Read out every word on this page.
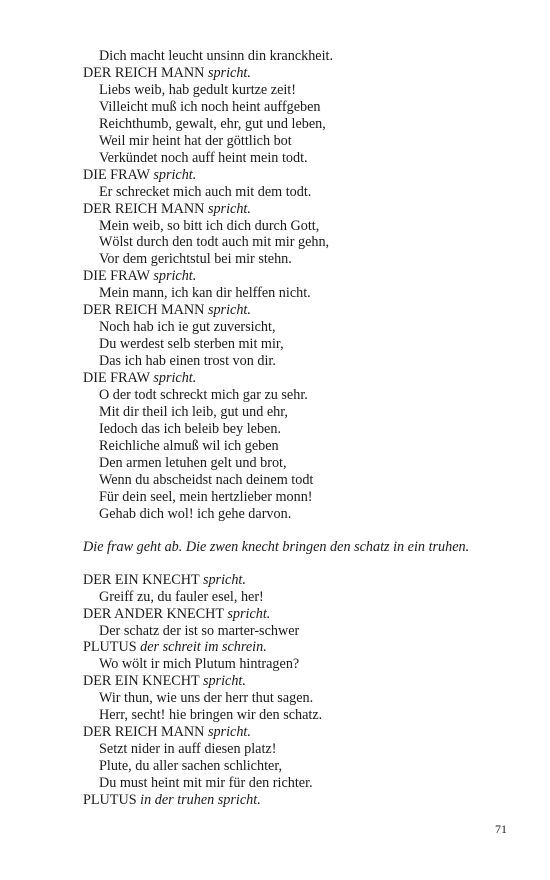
Dich macht leucht unsinn din kranckheit.
DER REICH MANN spricht.
Liebs weib, hab gedult kurtze zeit!
Villeicht muß ich noch heint auffgeben
Reichthumb, gewalt, ehr, gut und leben,
Weil mir heint hat der göttlich bot
Verkündet noch auff heint mein todt.
DIE FRAW spricht.
Er schrecket mich auch mit dem todt.
DER REICH MANN spricht.
Mein weib, so bitt ich dich durch Gott,
Wölst durch den todt auch mit mir gehn,
Vor dem gerichtstul bei mir stehn.
DIE FRAW spricht.
Mein mann, ich kan dir helffen nicht.
DER REICH MANN spricht.
Noch hab ich ie gut zuversicht,
Du werdest selb sterben mit mir,
Das ich hab einen trost von dir.
DIE FRAW spricht.
O der todt schreckt mich gar zu sehr.
Mit dir theil ich leib, gut und ehr,
Iedoch das ich beleib bey leben.
Reichliche almuß wil ich geben
Den armen letuhen gelt und brot,
Wenn du abscheidst nach deinem todt
Für dein seel, mein hertzlieber monn!
Gehab dich wol! ich gehe darvon.
Die fraw geht ab. Die zwen knecht bringen den schatz in ein truhen.
DER EIN KNECHT spricht.
Greiff zu, du fauler esel, her!
DER ANDER KNECHT spricht.
Der schatz der ist so marter-schwer
PLUTUS der schreit im schrein.
Wo wölt ir mich Plutum hintragen?
DER EIN KNECHT spricht.
Wir thun, wie uns der herr thut sagen.
Herr, secht! hie bringen wir den schatz.
DER REICH MANN spricht.
Setzt nider in auff diesen platz!
Plute, du aller sachen schlichter,
Du must heint mit mir für den richter.
PLUTUS in der truhen spricht.
71
